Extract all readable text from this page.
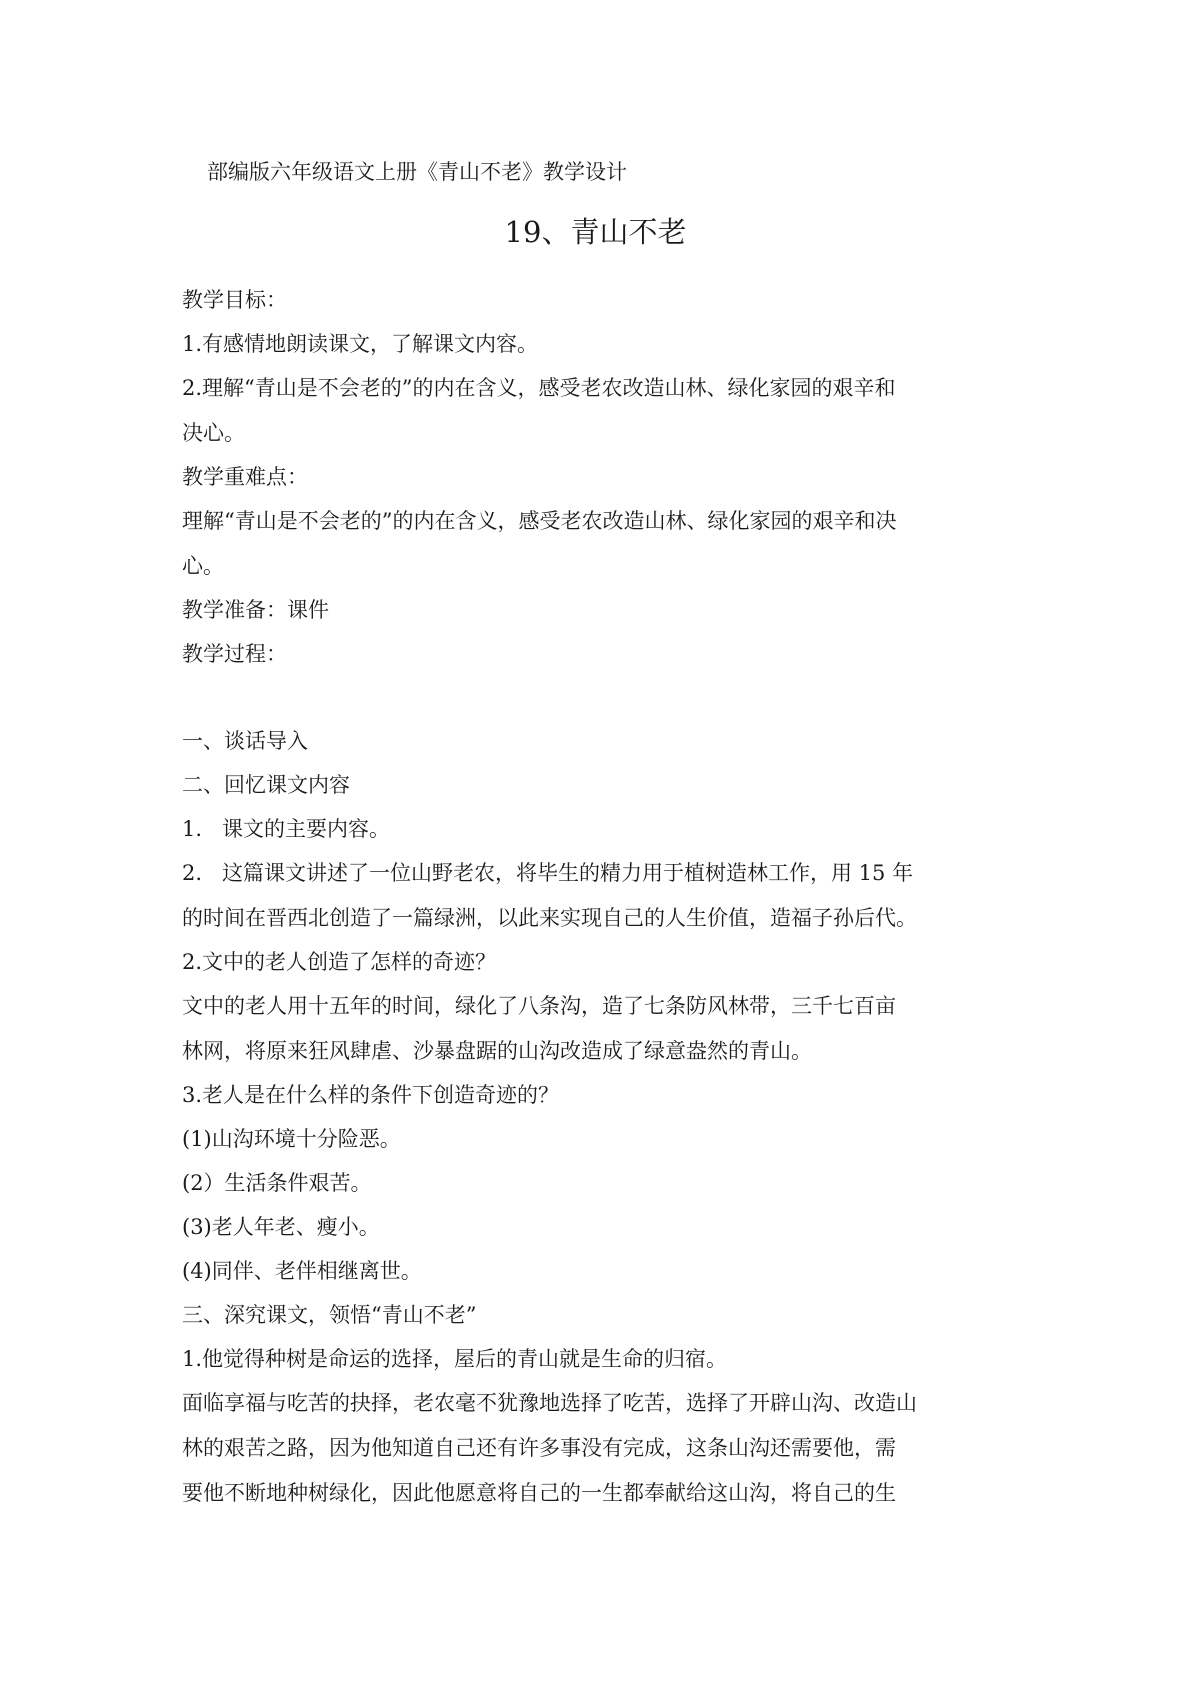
部编版六年级语文上册《青山不老》教学设计
19、青山不老
教学目标：
1.有感情地朗读课文，了解课文内容。
2.理解“青山是不会老的”的内在含义，感受老农改造山林、绿化家园的艰辛和
决心。
教学重难点：
理解“青山是不会老的”的内在含义，感受老农改造山林、绿化家园的艰辛和决
心。
教学准备：课件
教学过程：
一、谈话导入
二、回忆课文内容
1. 课文的主要内容。
2. 这篇课文讲述了一位山野老农，将毕生的精力用于植树造林工作，用 15 年
的时间在晋西北创造了一篇绿洲，以此来实现自己的人生价值，造福子孙后代。
2.文中的老人创造了怎样的奇迹？
文中的老人用十五年的时间，绿化了八条沟，造了七条防风林带，三千七百亩
林网，将原来狂风肆虐、沙暴盘踞的山沟改造成了绿意盎然的青山。
3.老人是在什么样的条件下创造奇迹的？
(1)山沟环境十分险恶。
(2）生活条件艰苦。
(3)老人年老、瘦小。
(4)同伴、老伴相继离世。
三、深究课文，领悟“青山不老”
1.他觉得种树是命运的选择，屋后的青山就是生命的归宿。
面临享福与吃苦的抉择，老农毫不犹豫地选择了吃苦，选择了开辟山沟、改造山
林的艰苦之路，因为他知道自己还有许多事没有完成，这条山沟还需要他，需
要他不断地种树绿化，因此他愿意将自己的一生都奉献给这山沟，将自己的生
